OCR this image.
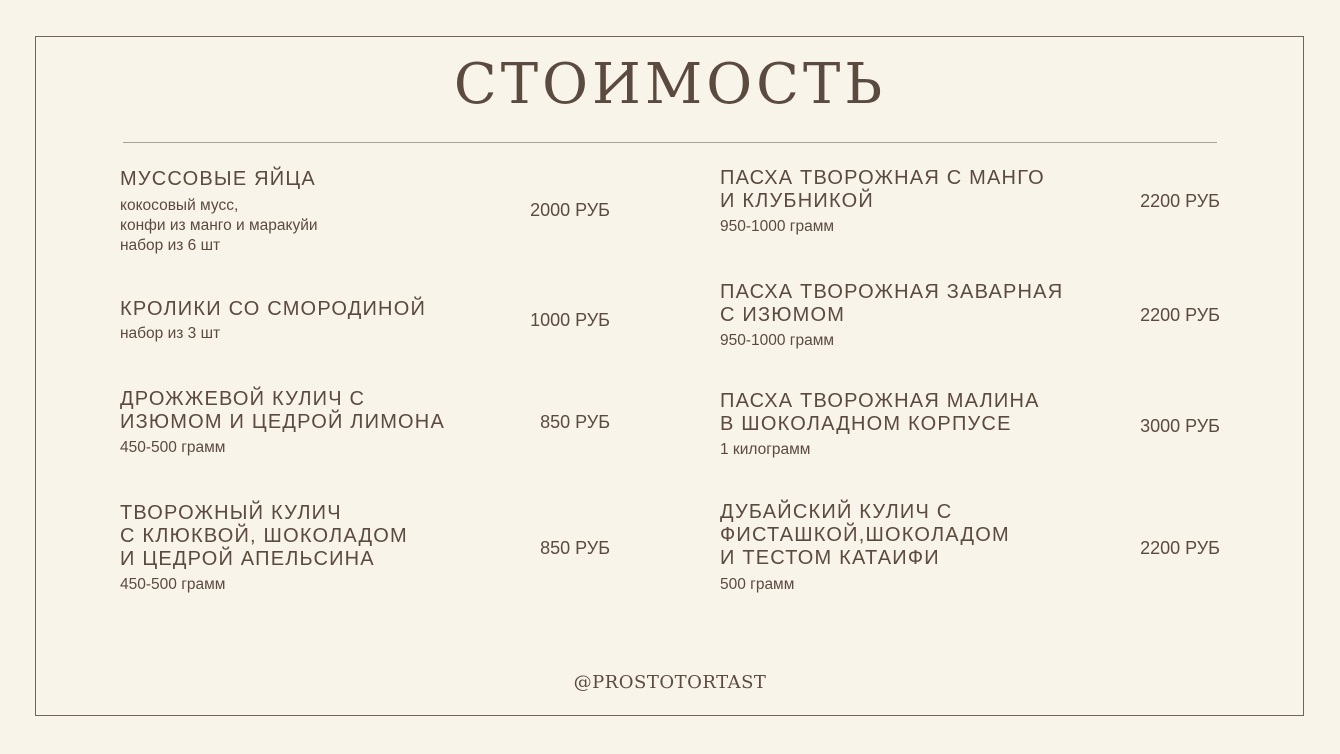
СТОИМОСТЬ
МУССОВЫЕ ЯЙЦА
кокосовый мусс,
конфи из манго и маракуйи
набор из 6 шт
2000 РУБ
КРОЛИКИ СО СМОРОДИНОЙ
набор из 3 шт
1000 РУБ
ДРОЖЖЕВОЙ КУЛИЧ С
ИЗЮМОМ И ЦЕДРОЙ ЛИМОНА
450-500 грамм
850 РУБ
ТВОРОЖНЫЙ КУЛИЧ
С КЛЮКВОЙ, ШОКОЛАДОМ
И ЦЕДРОЙ АПЕЛЬСИНА
450-500 грамм
850 РУБ
ПАСХА ТВОРОЖНАЯ С МАНГО
И КЛУБНИКОЙ
950-1000 грамм
2200 РУБ
ПАСХА ТВОРОЖНАЯ ЗАВАРНАЯ
С ИЗЮМОМ
950-1000 грамм
2200 РУБ
ПАСХА ТВОРОЖНАЯ МАЛИНА
В ШОКОЛАДНОМ КОРПУСЕ
1 килограмм
3000 РУБ
ДУБАЙСКИЙ КУЛИЧ С
ФИСТАШКОЙ,ШОКОЛАДОМ
И ТЕСТОМ КАТАИФИ
500 грамм
2200 РУБ
@PROSTOTORTAST
